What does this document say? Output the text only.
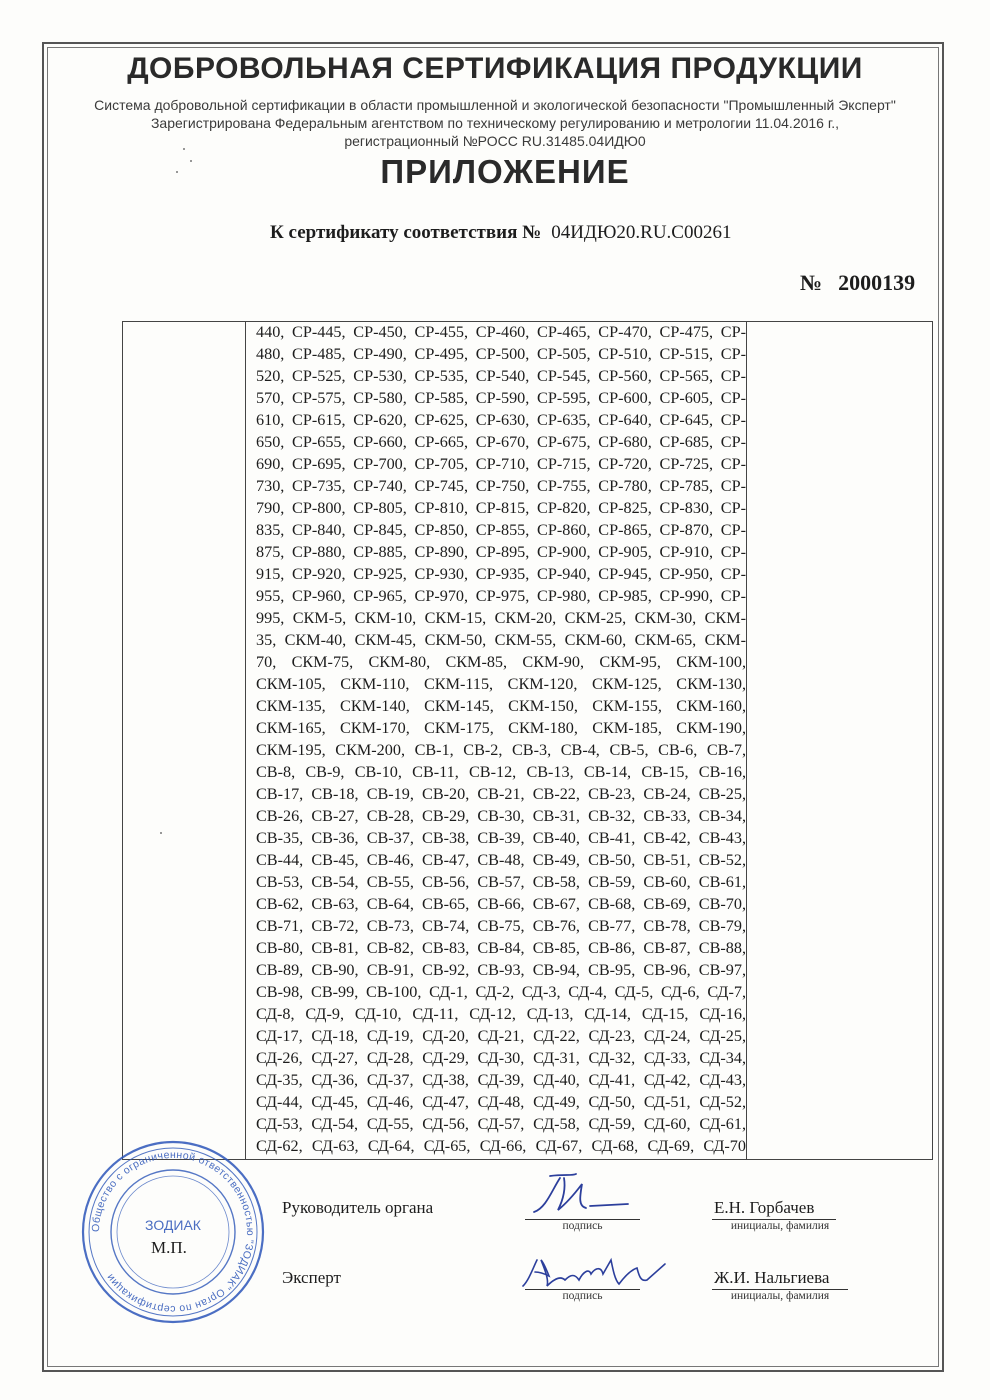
ДОБРОВОЛЬНАЯ СЕРТИФИКАЦИЯ ПРОДУКЦИИ
Система добровольной сертификации в области промышленной и экологической безопасности "Промышленный Эксперт"
Зарегистрирована Федеральным агентством по техническому регулированию и метрологии 11.04.2016 г.,
регистрационный №РОСС RU.31485.04ИДЮ0
ПРИЛОЖЕНИЕ
К сертификату соответствия № 04ИДЮ20.RU.С00261
№ 2000139
440, СР-445, СР-450, СР-455, СР-460, СР-465, СР-470, СР-475, СР-
480, СР-485, СР-490, СР-495, СР-500, СР-505, СР-510, СР-515, СР-
520, СР-525, СР-530, СР-535, СР-540, СР-545, СР-560, СР-565, СР-
570, СР-575, СР-580, СР-585, СР-590, СР-595, СР-600, СР-605, СР-
610, СР-615, СР-620, СР-625, СР-630, СР-635, СР-640, СР-645, СР-
650, СР-655, СР-660, СР-665, СР-670, СР-675, СР-680, СР-685, СР-
690, СР-695, СР-700, СР-705, СР-710, СР-715, СР-720, СР-725, СР-
730, СР-735, СР-740, СР-745, СР-750, СР-755, СР-780, СР-785, СР-
790, СР-800, СР-805, СР-810, СР-815, СР-820, СР-825, СР-830, СР-
835, СР-840, СР-845, СР-850, СР-855, СР-860, СР-865, СР-870, СР-
875, СР-880, СР-885, СР-890, СР-895, СР-900, СР-905, СР-910, СР-
915, СР-920, СР-925, СР-930, СР-935, СР-940, СР-945, СР-950, СР-
955, СР-960, СР-965, СР-970, СР-975, СР-980, СР-985, СР-990, СР-
995, СКМ-5, СКМ-10, СКМ-15, СКМ-20, СКМ-25, СКМ-30, СКМ-
35, СКМ-40, СКМ-45, СКМ-50, СКМ-55, СКМ-60, СКМ-65, СКМ-
70, СКМ-75, СКМ-80, СКМ-85, СКМ-90, СКМ-95, СКМ-100,
СКМ-105, СКМ-110, СКМ-115, СКМ-120, СКМ-125, СКМ-130,
СКМ-135, СКМ-140, СКМ-145, СКМ-150, СКМ-155, СКМ-160,
СКМ-165, СКМ-170, СКМ-175, СКМ-180, СКМ-185, СКМ-190,
СКМ-195, СКМ-200, СВ-1, СВ-2, СВ-3, СВ-4, СВ-5, СВ-6, СВ-7,
СВ-8, СВ-9, СВ-10, СВ-11, СВ-12, СВ-13, СВ-14, СВ-15, СВ-16,
СВ-17, СВ-18, СВ-19, СВ-20, СВ-21, СВ-22, СВ-23, СВ-24, СВ-25,
СВ-26, СВ-27, СВ-28, СВ-29, СВ-30, СВ-31, СВ-32, СВ-33, СВ-34,
СВ-35, СВ-36, СВ-37, СВ-38, СВ-39, СВ-40, СВ-41, СВ-42, СВ-43,
СВ-44, СВ-45, СВ-46, СВ-47, СВ-48, СВ-49, СВ-50, СВ-51, СВ-52,
СВ-53, СВ-54, СВ-55, СВ-56, СВ-57, СВ-58, СВ-59, СВ-60, СВ-61,
СВ-62, СВ-63, СВ-64, СВ-65, СВ-66, СВ-67, СВ-68, СВ-69, СВ-70,
СВ-71, СВ-72, СВ-73, СВ-74, СВ-75, СВ-76, СВ-77, СВ-78, СВ-79,
СВ-80, СВ-81, СВ-82, СВ-83, СВ-84, СВ-85, СВ-86, СВ-87, СВ-88,
СВ-89, СВ-90, СВ-91, СВ-92, СВ-93, СВ-94, СВ-95, СВ-96, СВ-97,
СВ-98, СВ-99, СВ-100, СД-1, СД-2, СД-3, СД-4, СД-5, СД-6, СД-7,
СД-8, СД-9, СД-10, СД-11, СД-12, СД-13, СД-14, СД-15, СД-16,
СД-17, СД-18, СД-19, СД-20, СД-21, СД-22, СД-23, СД-24, СД-25,
СД-26, СД-27, СД-28, СД-29, СД-30, СД-31, СД-32, СД-33, СД-34,
СД-35, СД-36, СД-37, СД-38, СД-39, СД-40, СД-41, СД-42, СД-43,
СД-44, СД-45, СД-46, СД-47, СД-48, СД-49, СД-50, СД-51, СД-52,
СД-53, СД-54, СД-55, СД-56, СД-57, СД-58, СД-59, СД-60, СД-61,
СД-62, СД-63, СД-64, СД-65, СД-66, СД-67, СД-68, СД-69, СД-70
Общество с ограниченной ответственностью "ЗОДИАК" Орган по сертификации
ЗОДИАК
М.П.
Руководитель органа
подпись
Е.Н. Горбачев
инициалы, фамилия
Эксперт
подпись
Ж.И. Нальгиева
инициалы, фамилия
